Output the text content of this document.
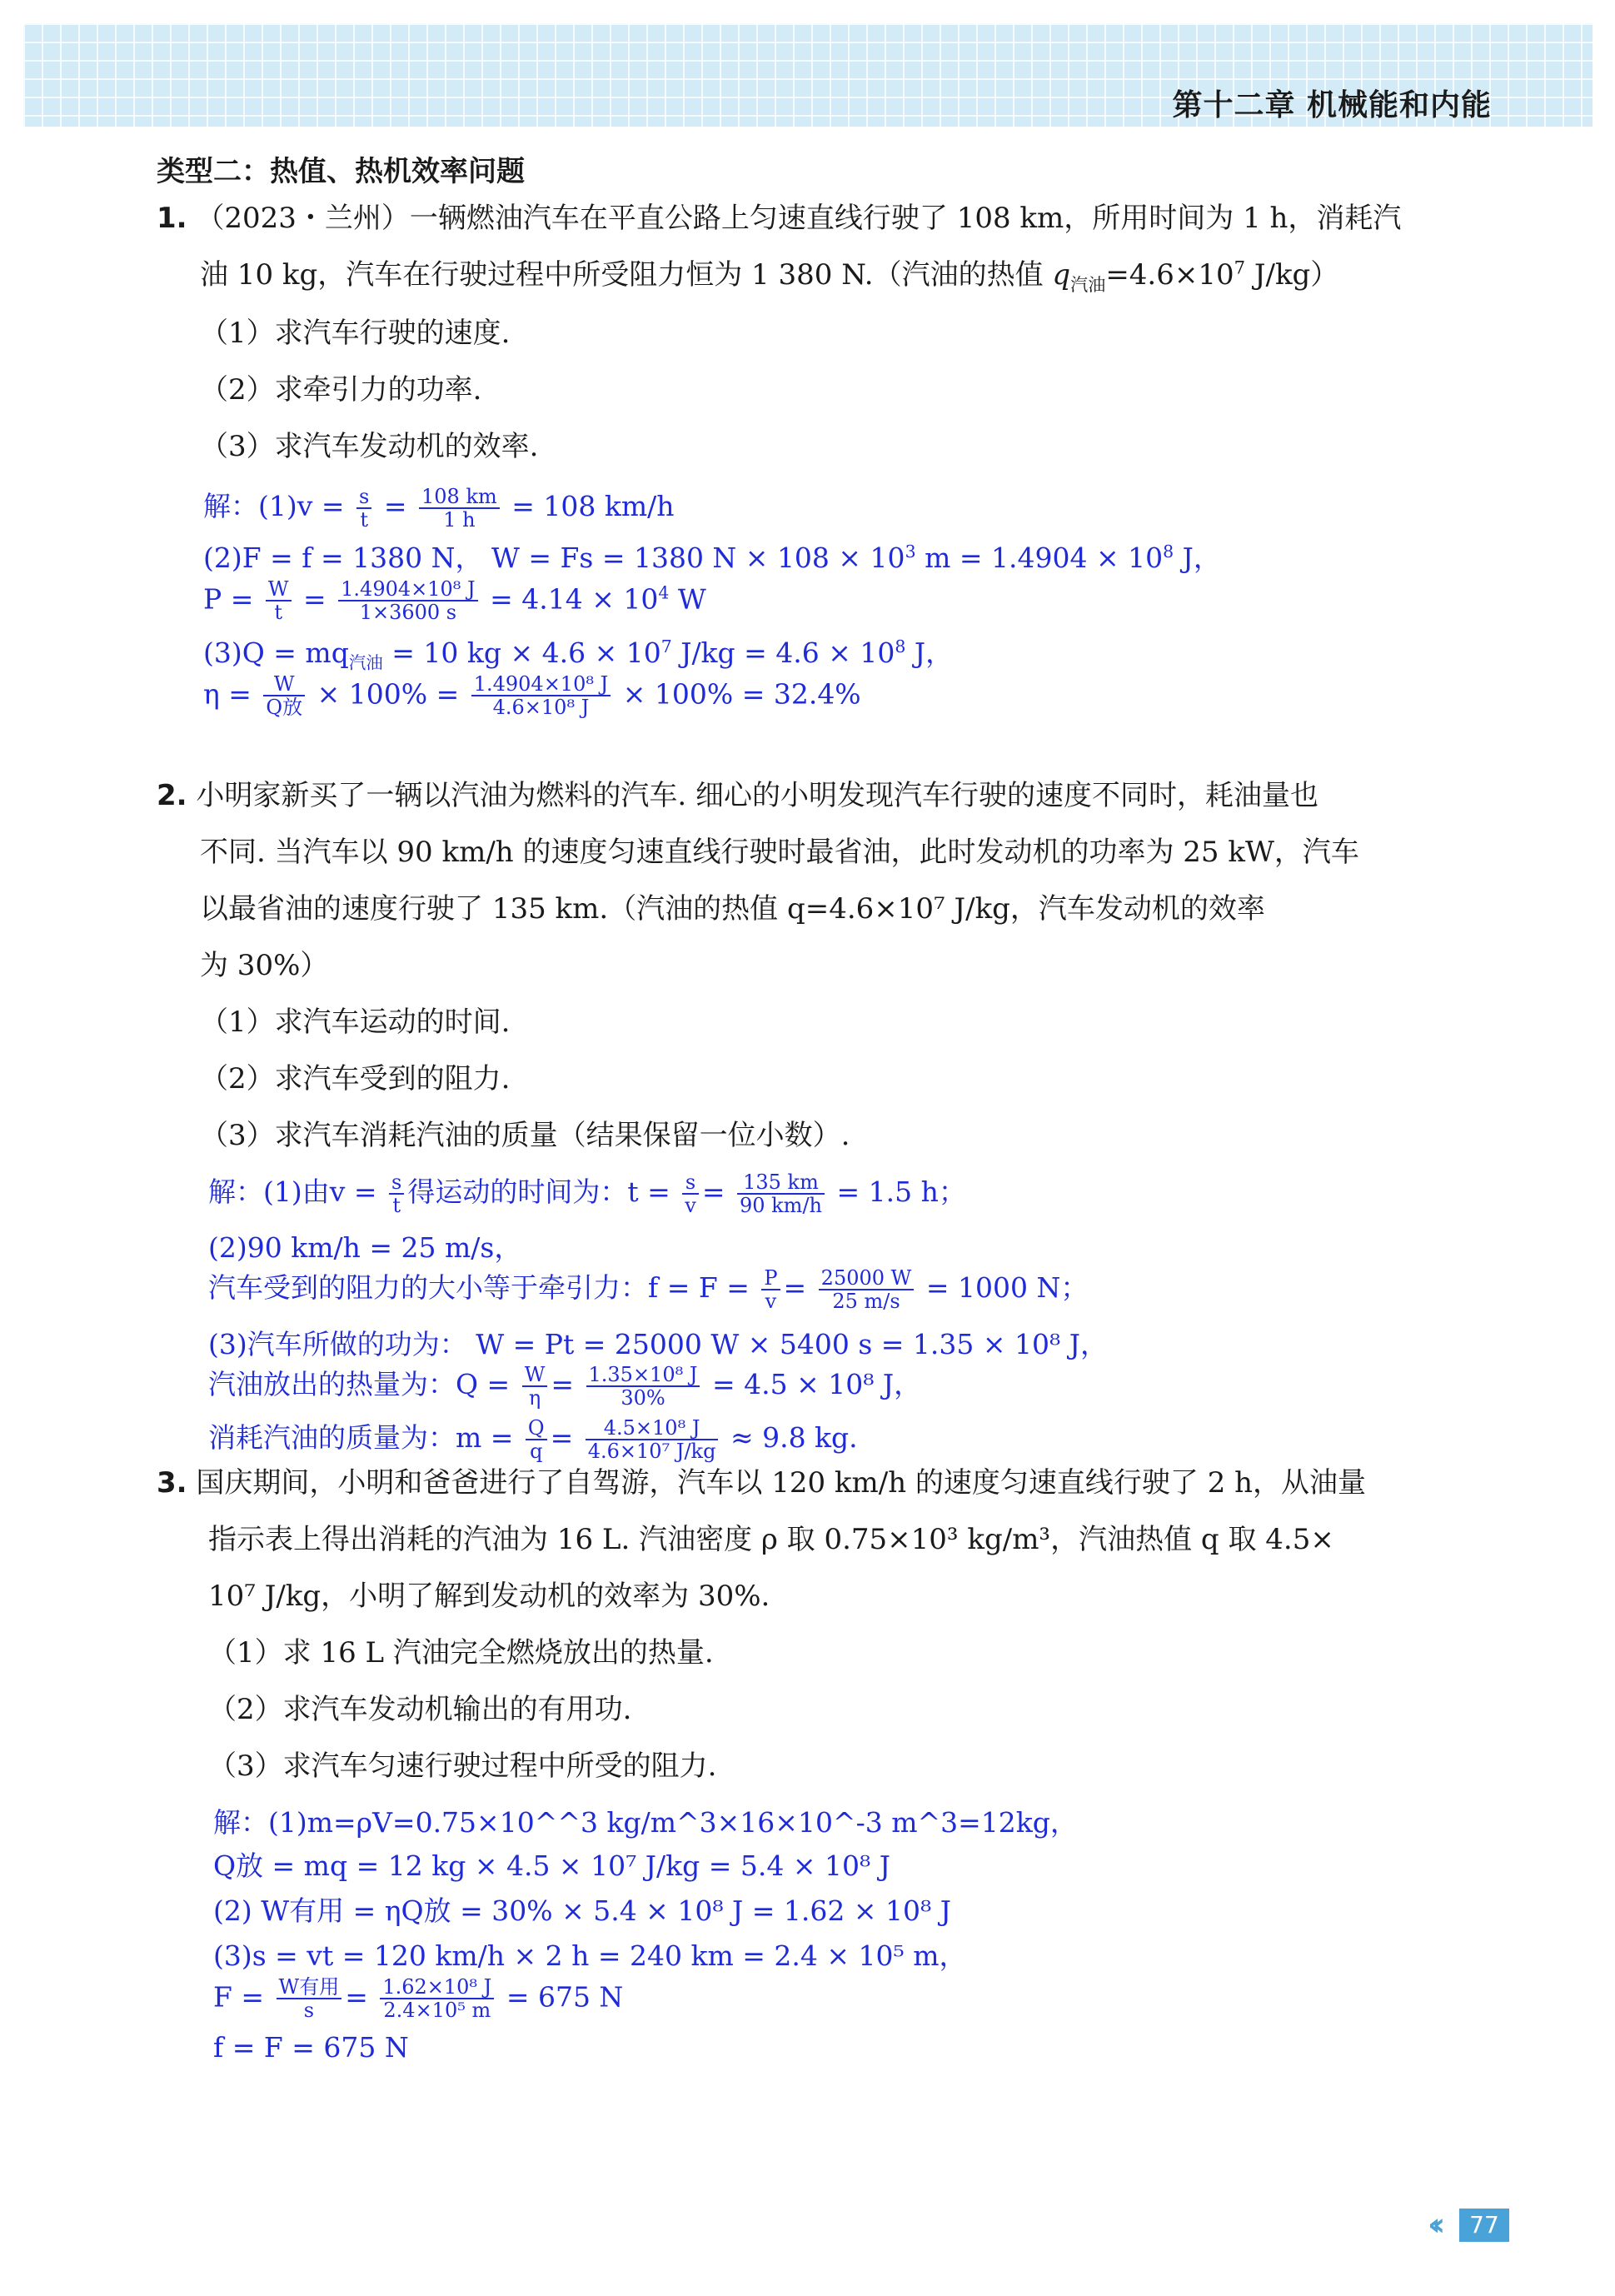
第十二章 机械能和内能
类型二：热值、热机效率问题
1. （2023・兰州）一辆燃油汽车在平直公路上匀速直线行驶了 108 km，所用时间为 1 h，消耗汽
油 10 kg，汽车在行驶过程中所受阻力恒为 1 380 N.（汽油的热值 $q_{汽油}=4.6\times 10^7$ J/kg）
（1）求汽车行驶的速度.
（2）求牵引力的功率.
（3）求汽车发动机的效率.
解：$(1)v = \frac{s}{t} = \frac{108 km}{1 h} = 108$ km/h
(2)F = f = 1380 N， W = Fs = 1380 $N \times 108 \times 10^3$ $m = 1.4904 \times 10^8$ J，
$P = \frac{W}{t} = \frac{\text{1.4904×10⁸ J}}{1\times 3600 s} = 4.14 \times 10^4$ W
$(3)Q = mq_{汽油} = 10$ kg × $4.6 \times 10^7$ $J/kg = 4.6 \times 10^8$ J，
$\eta = \frac{W}{\text{Q放}} \times 100\% = \frac{\text{1.4904×10⁸ J}}{\text{4.6×10⁸ J}} \times 100\% = 32.4\%$
2. 小明家新买了一辆以汽油为燃料的汽车. 细心的小明发现汽车行驶的速度不同时，耗油量也
不同. 当汽车以 90 km/h 的速度匀速直线行驶时最省油，此时发动机的功率为 25 kW，汽车
以最省油的速度行驶了 135 km.（汽油的热值 q=4.6×10⁷ J/kg，汽车发动机的效率
为 30%）
（1）求汽车运动的时间.
（2）求汽车受到的阻力.
（3）求汽车消耗汽油的质量（结果保留一位小数）.
解：(1)由$v = \frac{s}{t}$ 得运动的时间为：$t = \frac{s}{v} = \frac{135 km}{90 km/h} = 1.5$ h；
(2)90 km/h = 25 m/s，
汽车受到的阻力的大小等于牵引力：$f = F = \frac{P}{v} = \frac{25000 W}{25 m/s} = 1000$ N；
(3)汽车所做的功为： W = Pt = 25000 W × 5400 s = 1.35 × 10⁸ J，
汽油放出的热量为：$Q = \frac{W}{\eta} = \frac{\text{1.35×10⁸ J}}{30\%} = 4.5 \times 10^8$ J，
消耗汽油的质量为：$m = \frac{Q}{q} = \frac{\text{4.5×10⁸ J}}{\text{4.6×10⁷ J/kg}} \approx 9.8$ kg.
3. 国庆期间，小明和爸爸进行了自驾游，汽车以 120 km/h 的速度匀速直线行驶了 2 h，从油量
指示表上得出消耗的汽油为 16 L. 汽油密度 ρ 取 0.75×10³ kg/m³，汽油热值 q 取 4.5×
10⁷ J/kg，小明了解到发动机的效率为 30%.
（1）求 16 L 汽油完全燃烧放出的热量.
（2）求汽车发动机输出的有用功.
（3）求汽车匀速行驶过程中所受的阻力.
解：(1)m=ρV=0.75×10^^3 kg/m^3×16×10^-3 m^3=12kg，
Q放 = mq = 12 kg × 4.5 × 10⁷ J/kg = 5.4 × 10⁸ J
(2) W有用 = ηQ放 = 30% × 5.4 × 10⁸ J = 1.62 × 10⁸ J
(3)s = vt = 120 km/h × 2 h = 240 km = 2.4 × 10⁵ m，
$F = \frac{\text{W有用}}{s} = \frac{\text{1.62×10⁸ J}}{\text{2.4×10⁵ m}} = 675$ N
f = F = 675 N
‹‹	77
